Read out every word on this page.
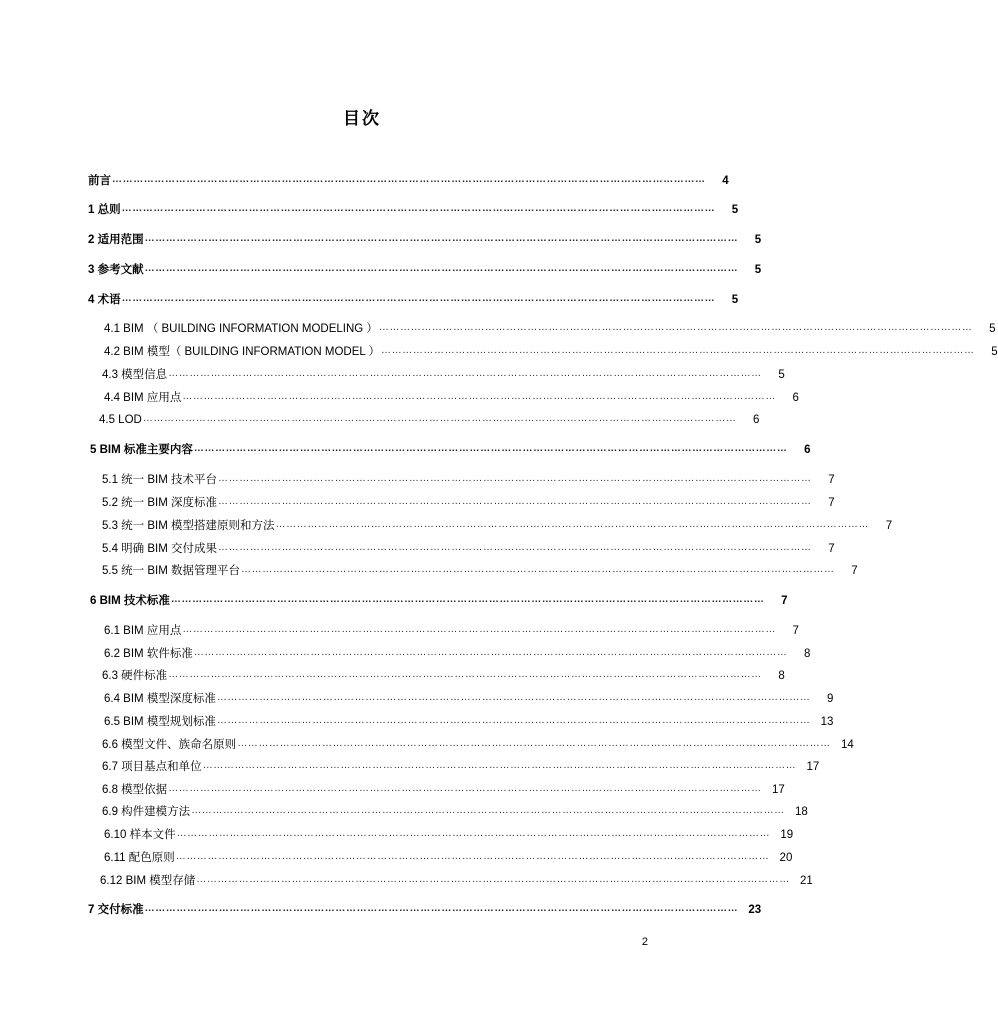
目次
前言 ……………………………………………………………………………………………………………………………………………………	4
1 总则 ……………………………………………………………………………………………………………………………………………………	5
2 适用范围 ……………………………………………………………………………………………………………………………………………………	5
3 参考文献 ……………………………………………………………………………………………………………………………………………………	5
4 术语 ……………………………………………………………………………………………………………………………………………………	5
4.1 BIM （ BUILDING INFORMATION MODELING ） ……………………………………………………………………………………………………………………………………………………	5
4.2 BIM 模型（ BUILDING INFORMATION MODEL ） ……………………………………………………………………………………………………………………………………………………	5
4.3 模型信息 ……………………………………………………………………………………………………………………………………………………	5
4.4 BIM 应用点 ……………………………………………………………………………………………………………………………………………………	6
4.5 LOD ……………………………………………………………………………………………………………………………………………………	6
5 BIM 标准主要内容 ……………………………………………………………………………………………………………………………………………………	6
5.1 统一 BIM 技术平台 ……………………………………………………………………………………………………………………………………………………	7
5.2 统一 BIM 深度标准 ……………………………………………………………………………………………………………………………………………………	7
5.3 统一 BIM 模型搭建原则和方法 ……………………………………………………………………………………………………………………………………………………	7
5.4 明确 BIM 交付成果 ……………………………………………………………………………………………………………………………………………………	7
5.5 统一 BIM 数据管理平台 ……………………………………………………………………………………………………………………………………………………	7
6 BIM 技术标准 ……………………………………………………………………………………………………………………………………………………	7
6.1 BIM 应用点 ……………………………………………………………………………………………………………………………………………………	7
6.2 BIM 软件标准 ……………………………………………………………………………………………………………………………………………………	8
6.3 硬件标准 ……………………………………………………………………………………………………………………………………………………	8
6.4 BIM 模型深度标准 ……………………………………………………………………………………………………………………………………………………	9
6.5 BIM 模型规划标准 …………………………………………………………………………………………………………………………………………………… 13
6.6 模型文件、族命名原则 …………………………………………………………………………………………………………………………………………………… 14
6.7 项目基点和单位 …………………………………………………………………………………………………………………………………………………… 17
6.8 模型依据 …………………………………………………………………………………………………………………………………………………… 17
6.9 构件建模方法 …………………………………………………………………………………………………………………………………………………… 18
6.10 样本文件 …………………………………………………………………………………………………………………………………………………… 19
6.11 配色原则 …………………………………………………………………………………………………………………………………………………… 20
6.12 BIM 模型存储 …………………………………………………………………………………………………………………………………………………… 21
7 交付标准 …………………………………………………………………………………………………………………………………………………… 23
2
